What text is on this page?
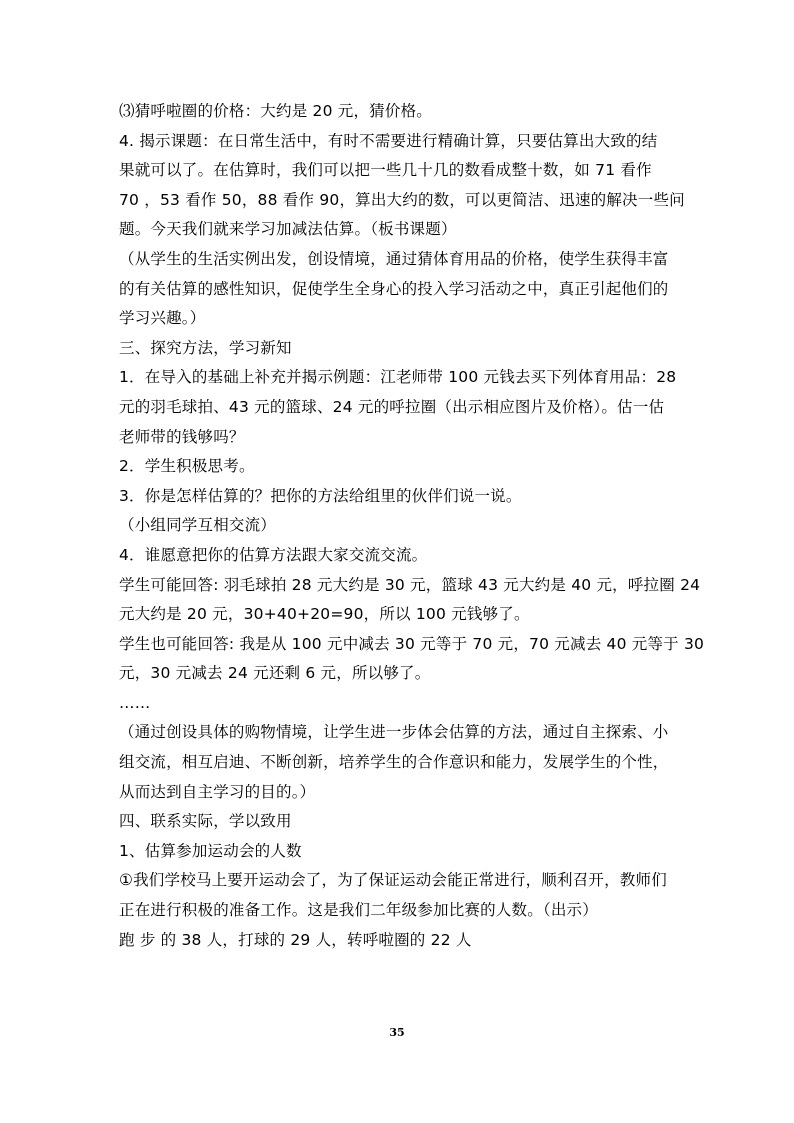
⑶猜呼啦圈的价格：大约是 20 元，猜价格。
4. 揭示课题：在日常生活中，有时不需要进行精确计算，只要估算出大致的结
果就可以了。在估算时，我们可以把一些几十几的数看成整十数，如 71 看作
70 ，53 看作 50，88 看作 90，算出大约的数，可以更简洁、迅速的解决一些问
题。今天我们就来学习加减法估算。（板书课题）
（从学生的生活实例出发，创设情境，通过猜体育用品的价格，使学生获得丰富
的有关估算的感性知识，促使学生全身心的投入学习活动之中，真正引起他们的
学习兴趣。）
三、探究方法，学习新知
1．在导入的基础上补充并揭示例题：江老师带 100 元钱去买下列体育用品：28
元的羽毛球拍、43 元的篮球、24 元的呼拉圈（出示相应图片及价格）。估一估
老师带的钱够吗？
2．学生积极思考。
3．你是怎样估算的？把你的方法给组里的伙伴们说一说。
（小组同学互相交流）
4．谁愿意把你的估算方法跟大家交流交流。
学生可能回答: 羽毛球拍 28 元大约是 30 元，篮球 43 元大约是 40 元，呼拉圈 24
元大约是 20 元，30+40+20=90，所以 100 元钱够了。
学生也可能回答: 我是从 100 元中减去 30 元等于 70 元，70 元减去 40 元等于 30
元，30 元减去 24 元还剩 6 元，所以够了。
……
（通过创设具体的购物情境，让学生进一步体会估算的方法，通过自主探索、小
组交流，相互启迪、不断创新，培养学生的合作意识和能力，发展学生的个性，
从而达到自主学习的目的。）
四、联系实际，学以致用
1、估算参加运动会的人数
①我们学校马上要开运动会了，为了保证运动会能正常进行，顺利召开，教师们
正在进行积极的准备工作。这是我们二年级参加比赛的人数。（出示）
跑 步 的 38 人，打球的 29 人，转呼啦圈的 22 人
35
